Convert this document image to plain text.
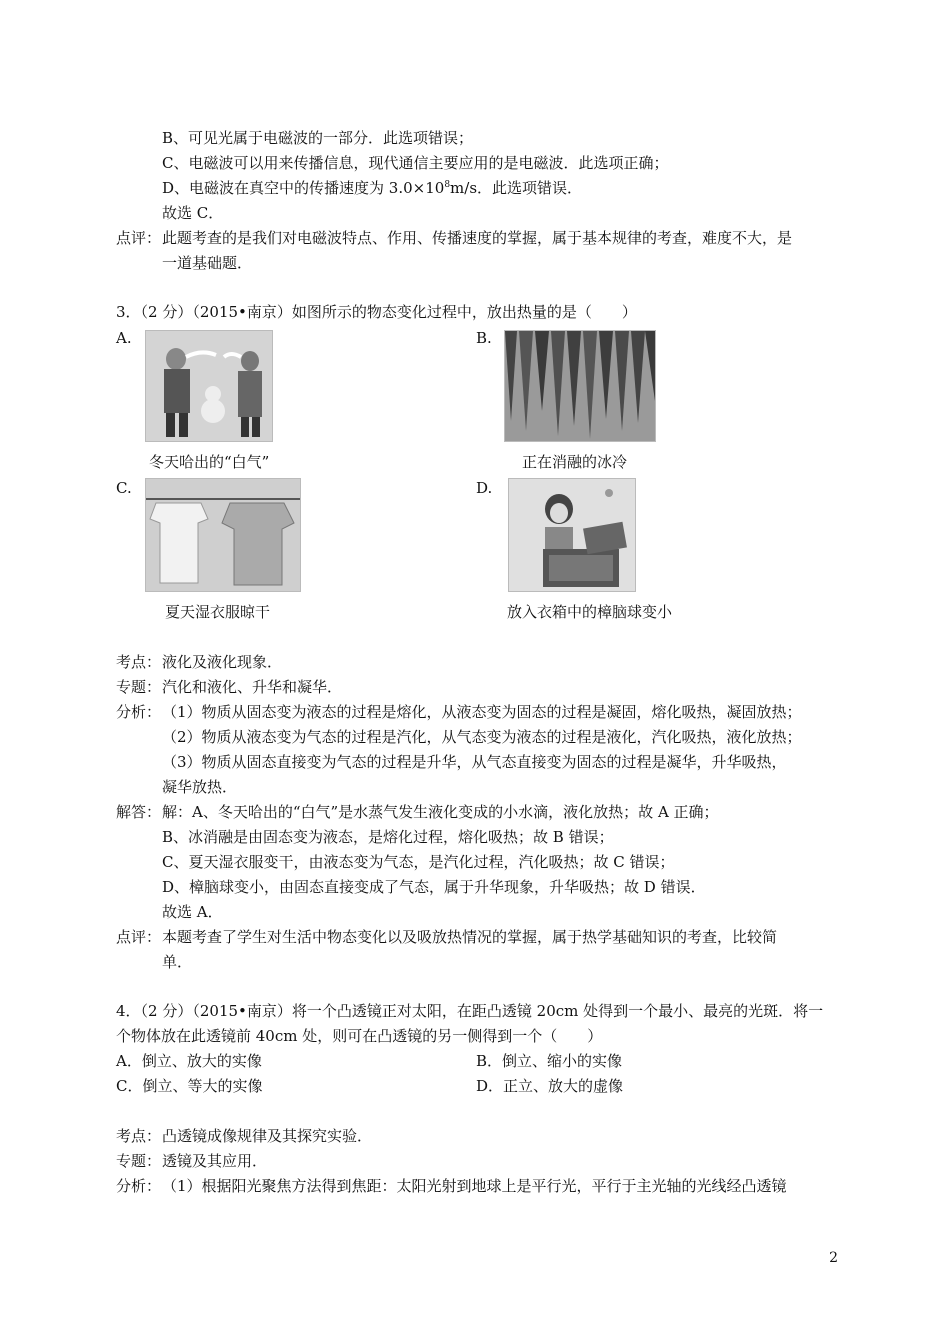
B、可见光属于电磁波的一部分．此选项错误；
C、电磁波可以用来传播信息，现代通信主要应用的是电磁波．此选项正确；
D、电磁波在真空中的传播速度为 $3.0\times 10^8m/s$．此选项错误．
故选 C．
点评： 此题考查的是我们对电磁波特点、作用、传播速度的掌握，属于基本规律的考查，难度不大，是
一道基础题．
3．（2 分）（2015•南京）如图所示的物态变化过程中，放出热量的是（　　）
A.
冬天哈出的“白气”
B.
正在消融的冰冷
C.
夏天湿衣服晾干
D.
放入衣箱中的樟脑球变小
考点： 液化及液化现象．
专题： 汽化和液化、升华和凝华．
分析： （1）物质从固态变为液态的过程是熔化，从液态变为固态的过程是凝固，熔化吸热，凝固放热；
（2）物质从液态变为气态的过程是汽化，从气态变为液态的过程是液化，汽化吸热，液化放热；
（3）物质从固态直接变为气态的过程是升华，从气态直接变为固态的过程是凝华，升华吸热，
凝华放热．
解答： 解：A、冬天哈出的“白气”是水蒸气发生液化变成的小水滴，液化放热；故 A 正确；
B、冰消融是由固态变为液态，是熔化过程，熔化吸热；故 B 错误；
C、夏天湿衣服变干，由液态变为气态，是汽化过程，汽化吸热；故 C 错误；
D、樟脑球变小，由固态直接变成了气态，属于升华现象，升华吸热；故 D 错误．
故选 A．
点评： 本题考查了学生对生活中物态变化以及吸放热情况的掌握，属于热学基础知识的考查，比较简
单．
4．（2 分）（2015•南京）将一个凸透镜正对太阳，在距凸透镜 20cm 处得到一个最小、最亮的光斑．将一
个物体放在此透镜前 40cm 处，则可在凸透镜的另一侧得到一个（　　）
A．倒立、放大的实像	B．倒立、缩小的实像
C．倒立、等大的实像	D．正立、放大的虚像
考点： 凸透镜成像规律及其探究实验．
专题： 透镜及其应用．
分析： （1）根据阳光聚焦方法得到焦距：太阳光射到地球上是平行光，平行于主光轴的光线经凸透镜
2
